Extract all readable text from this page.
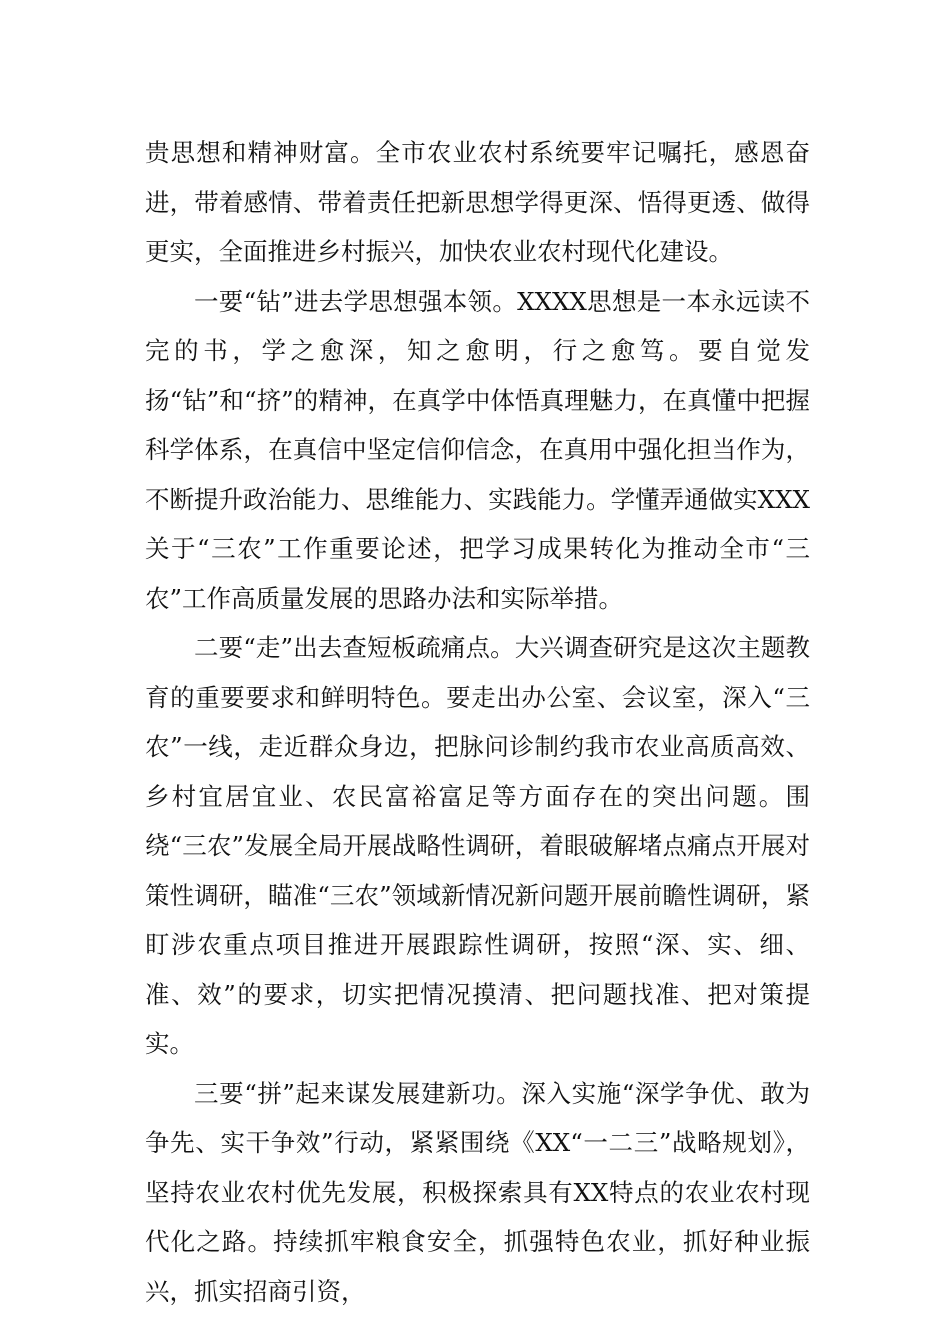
贵思想和精神财富。全市农业农村系统要牢记嘱托，感恩奋进，带着感情、带着责任把新思想学得更深、悟得更透、做得更实，全面推进乡村振兴，加快农业农村现代化建设。

一要“钻”进去学思想强本领。XXXX思想是一本永远读不完的书，学之愈深，知之愈明，行之愈笃。要自觉发扬“钻”和“挤”的精神，在真学中体悟真理魅力，在真懂中把握科学体系，在真信中坚定信仰信念，在真用中强化担当作为，不断提升政治能力、思维能力、实践能力。学懂弄通做实XXX关于“三农”工作重要论述，把学习成果转化为推动全市“三农”工作高质量发展的思路办法和实际举措。

二要“走”出去查短板疏痛点。大兴调查研究是这次主题教育的重要要求和鲜明特色。要走出办公室、会议室，深入“三农”一线，走近群众身边，把脉问诊制约我市农业高质高效、乡村宜居宜业、农民富裕富足等方面存在的突出问题。围绕“三农”发展全局开展战略性调研，着眼破解堵点痛点开展对策性调研，瞄准“三农”领域新情况新问题开展前瞻性调研，紧盯涉农重点项目推进开展跟踪性调研，按照“深、实、细、准、效”的要求，切实把情况摸清、把问题找准、把对策提实。

三要“拼”起来谋发展建新功。深入实施“深学争优、敢为争先、实干争效”行动，紧紧围绕《XX“一二三”战略规划》，坚持农业农村优先发展，积极探索具有XX特点的农业农村现代化之路。持续抓牢粮食安全，抓强特色农业，抓好种业振兴，抓实招商引资，
